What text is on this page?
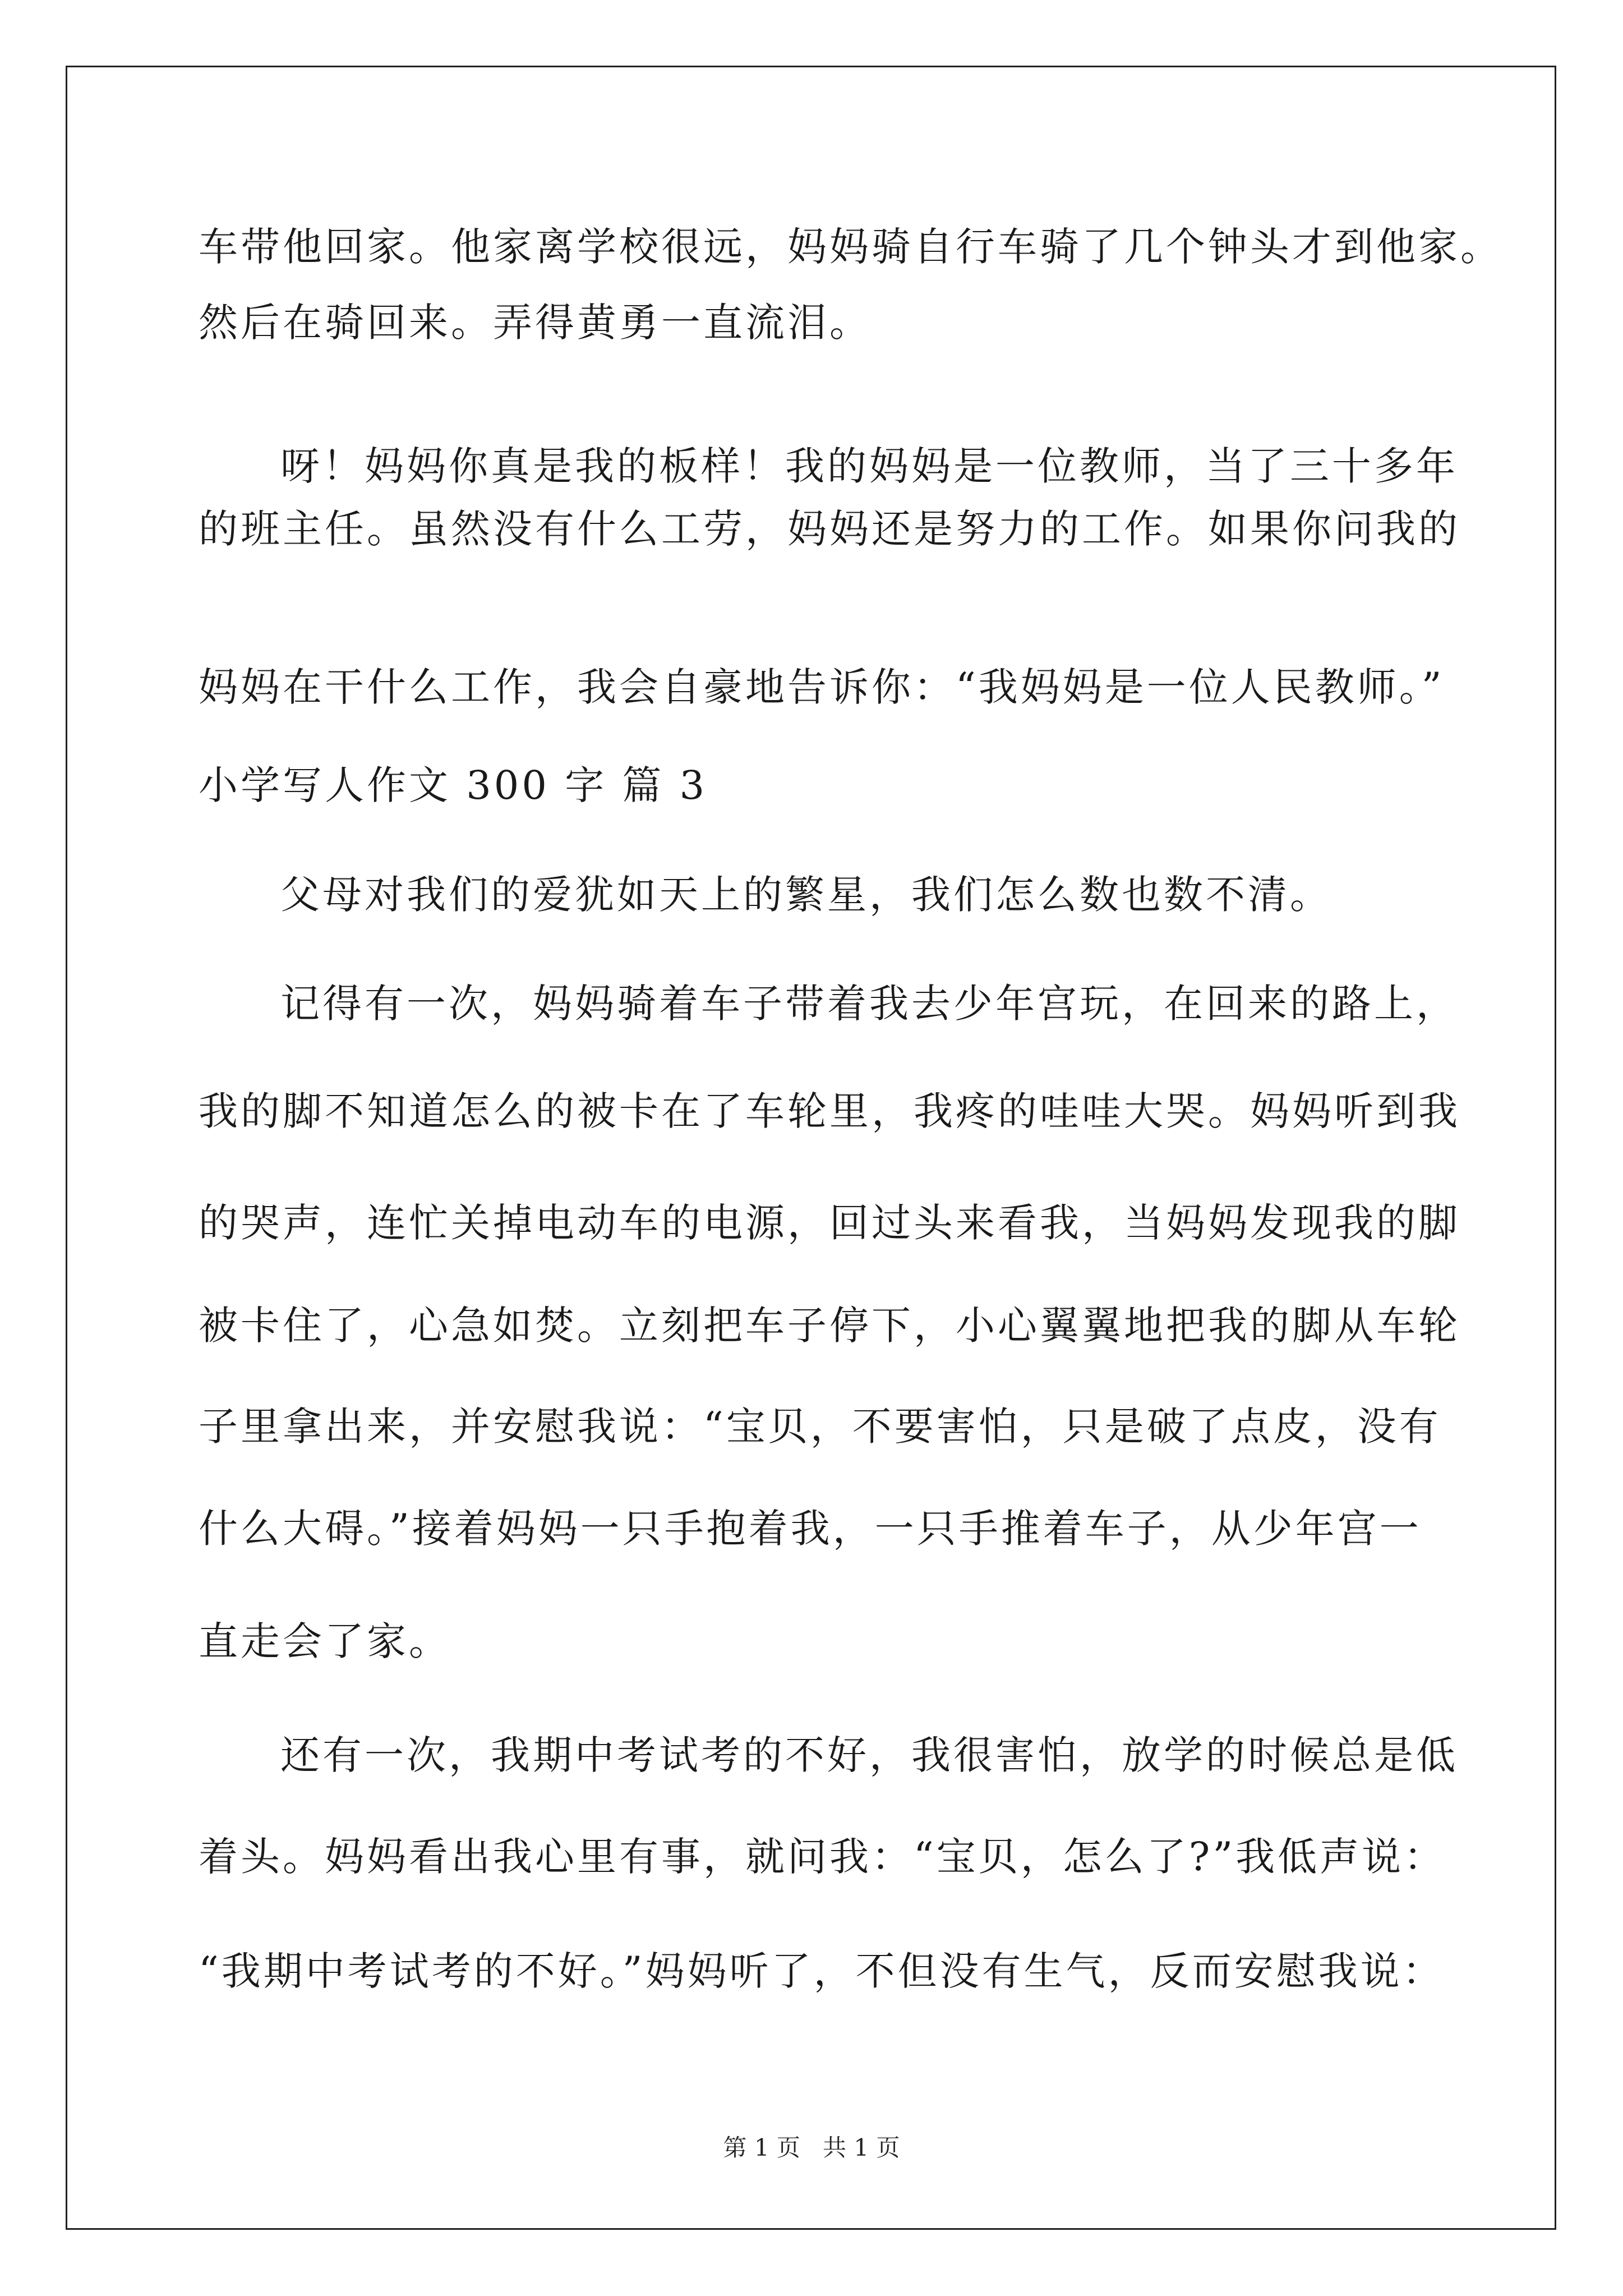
车带他回家。他家离学校很远，妈妈骑自行车骑了几个钟头才到他家。
然后在骑回来。弄得黄勇一直流泪。
呀！妈妈你真是我的板样！我的妈妈是一位教师，当了三十多年
的班主任。虽然没有什么工劳，妈妈还是努力的工作。如果你问我的
妈妈在干什么工作，我会自豪地告诉你：“我妈妈是一位人民教师。”
小学写人作文 300 字 篇 3
父母对我们的爱犹如天上的繁星，我们怎么数也数不清。
记得有一次，妈妈骑着车子带着我去少年宫玩，在回来的路上，
我的脚不知道怎么的被卡在了车轮里，我疼的哇哇大哭。妈妈听到我
的哭声，连忙关掉电动车的电源，回过头来看我，当妈妈发现我的脚
被卡住了，心急如焚。立刻把车子停下，小心翼翼地把我的脚从车轮
子里拿出来，并安慰我说：“宝贝，不要害怕，只是破了点皮，没有
什么大碍。”接着妈妈一只手抱着我，一只手推着车子，从少年宫一
直走会了家。
还有一次，我期中考试考的不好，我很害怕，放学的时候总是低
着头。妈妈看出我心里有事，就问我：“宝贝，怎么了?”我低声说：
“我期中考试考的不好。”妈妈听了，不但没有生气，反而安慰我说：
第 1 页   共 1 页
